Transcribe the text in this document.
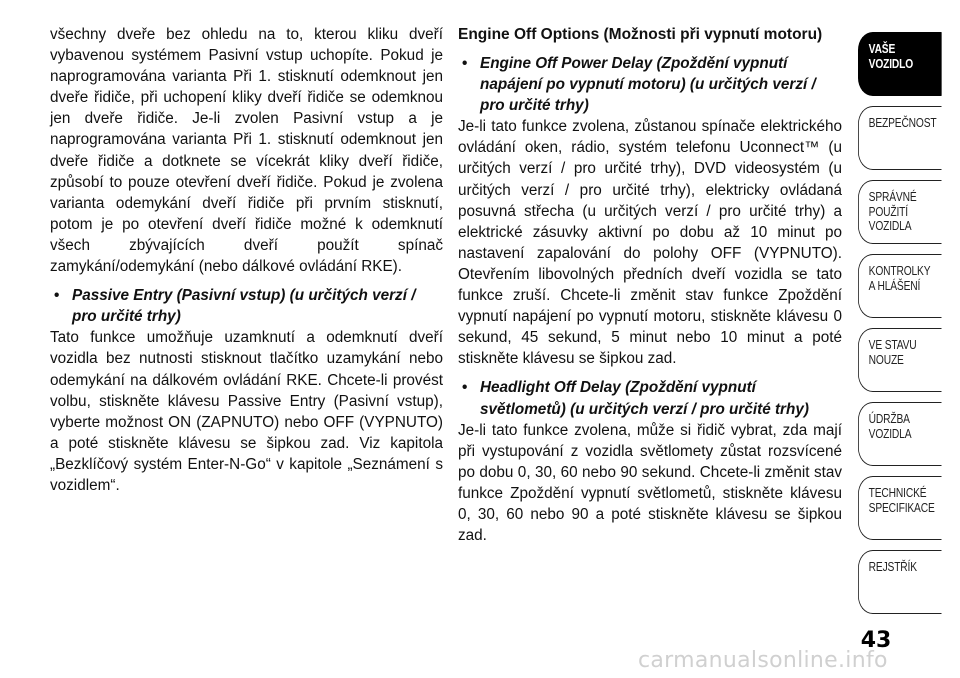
všechny dveře bez ohledu na to, kterou kliku dveří vybavenou systémem Pasivní vstup uchopíte. Pokud je naprogramována varianta Při 1. stisknutí odemknout jen dveře řidiče, při uchopení kliky dveří řidiče se odemknou jen dveře řidiče. Je-li zvolen Pasivní vstup a je naprogramována varianta Při 1. stisknutí odemknout jen dveře řidiče a dotknete se vícekrát kliky dveří řidiče, způsobí to pouze otevření dveří řidiče. Pokud je zvolena varianta odemykání dveří řidiče při prvním stisknutí, potom je po otevření dveří řidiče možné k odemknutí všech zbývajících dveří použít spínač zamykání/odemykání (nebo dálkové ovládání RKE).

• Passive Entry (Pasivní vstup) (u určitých verzí / pro určité trhy)

Tato funkce umožňuje uzamknutí a odemknutí dveří vozidla bez nutnosti stisknout tlačítko uzamykání nebo odemykání na dálkovém ovládání RKE. Chcete-li provést volbu, stiskněte klávesu Passive Entry (Pasivní vstup), vyberte možnost ON (ZAPNUTO) nebo OFF (VYPNUTO) a poté stiskněte klávesu se šipkou zad. Viz kapitola „Bezklíčový systém Enter-N-Go“ v kapitole „Seznámení s vozidlem“.

Engine Off Options (Možnosti při vypnutí motoru)
• Engine Off Power Delay (Zpoždění vypnutí napájení po vypnutí motoru) (u určitých verzí / pro určité trhy)

Je-li tato funkce zvolena, zůstanou spínače elektrického ovládání oken, rádio, systém telefonu Uconnect™ (u určitých verzí / pro určité trhy), DVD videosystém (u určitých verzí / pro určité trhy), elektricky ovládaná posuvná střecha (u určitých verzí / pro určité trhy) a elektrické zásuvky aktivní po dobu až 10 minut po nastavení zapalování do polohy OFF (VYPNUTO). Otevřením libovolných předních dveří vozidla se tato funkce zruší. Chcete-li změnit stav funkce Zpoždění vypnutí napájení po vypnutí motoru, stiskněte klávesu 0 sekund, 45 sekund, 5 minut nebo 10 minut a poté stiskněte klávesu se šipkou zad.

• Headlight Off Delay (Zpoždění vypnutí světlometů) (u určitých verzí / pro určité trhy)

Je-li tato funkce zvolena, může si řidič vybrat, zda mají při vystupování z vozidla světlomety zůstat rozsvícené po dobu 0, 30, 60 nebo 90 sekund. Chcete-li změnit stav funkce Zpoždění vypnutí světlometů, stiskněte klávesu 0, 30, 60 nebo 90 a poté stiskněte klávesu se šipkou zad.

VAŠE
VOZIDLO
BEZPEČNOST
SPRÁVNÉ
POUŽITÍ
VOZIDLA
KONTROLKY
A HLÁŠENÍ
VE STAVU
NOUZE
ÚDRŽBA
VOZIDLA
TECHNICKÉ
SPECIFIKACE
REJSTŘÍK
43
carmanualsonline.info
